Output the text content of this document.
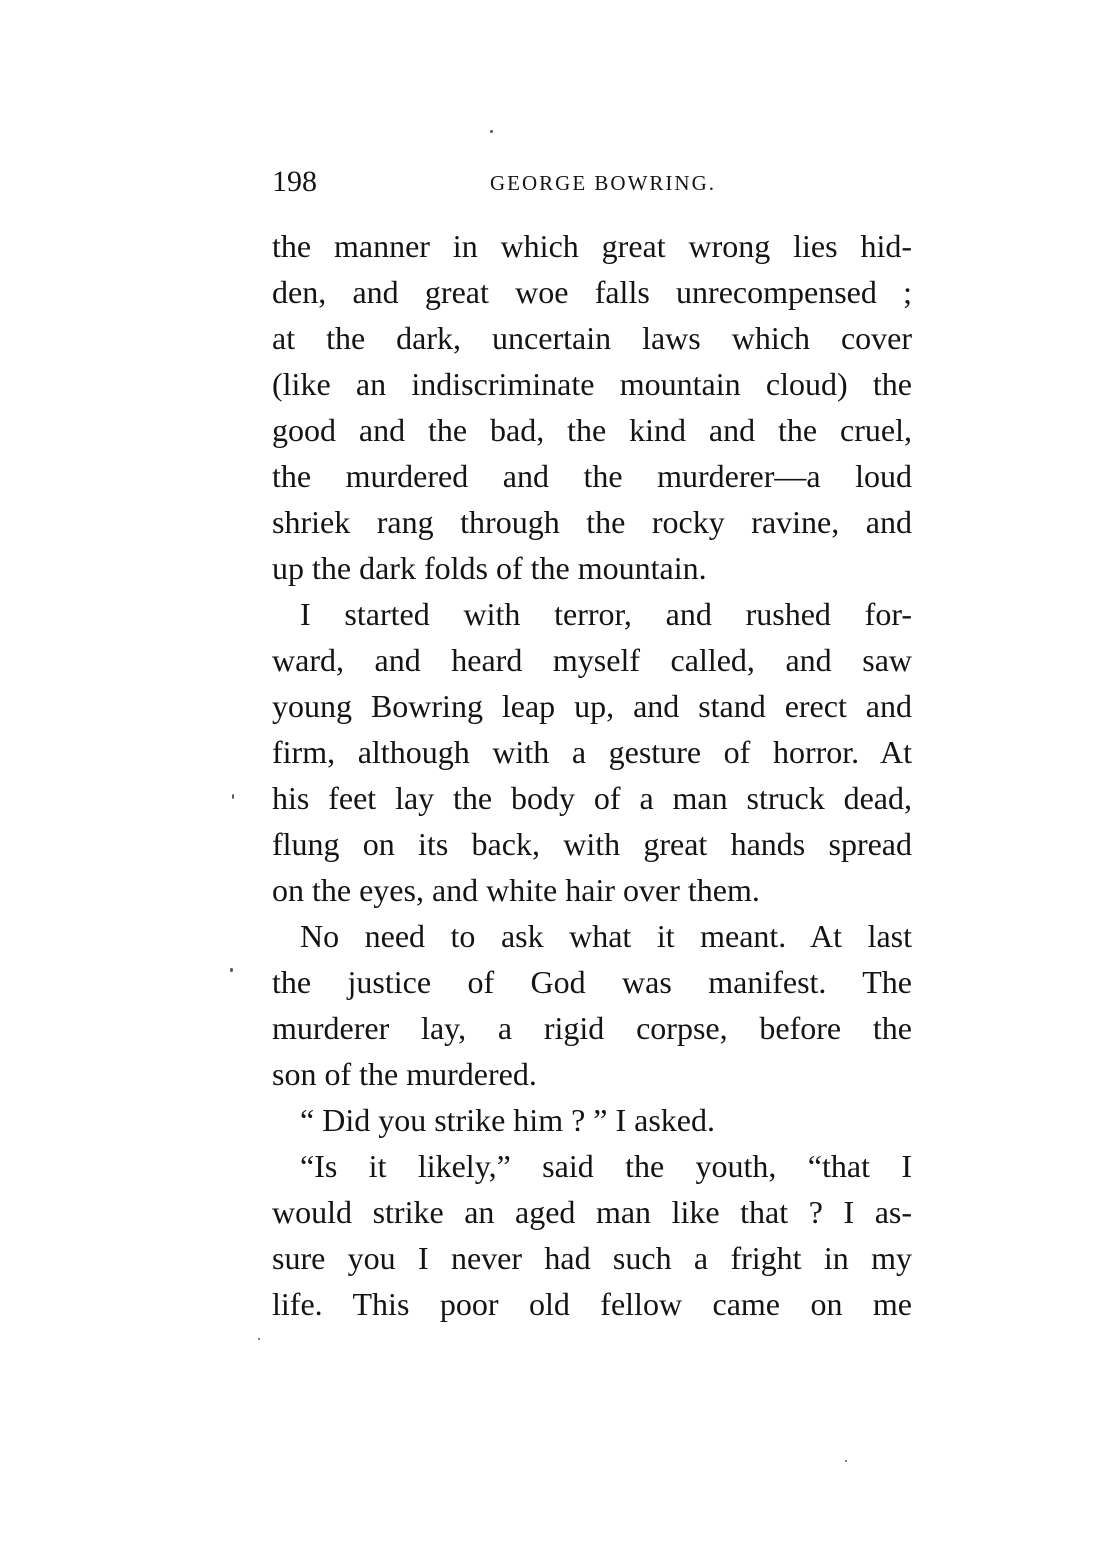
198	GEORGE BOWRING.
the manner in which great wrong lies hid-
den, and great woe falls unrecompensed ;
at the dark, uncertain laws which cover
(like an indiscriminate mountain cloud) the
good and the bad, the kind and the cruel,
the murdered and the murderer—a loud
shriek rang through the rocky ravine, and
up the dark folds of the mountain.
I started with terror, and rushed for-
ward, and heard myself called, and saw
young Bowring leap up, and stand erect and
firm, although with a gesture of horror. At
his feet lay the body of a man struck dead,
flung on its back, with great hands spread
on the eyes, and white hair over them.
No need to ask what it meant. At last
the justice of God was manifest. The
murderer lay, a rigid corpse, before the
son of the murdered.
“ Did you strike him ? ” I asked.
“Is it likely,” said the youth, “that I
would strike an aged man like that ? I as-
sure you I never had such a fright in my
life. This poor old fellow came on me
